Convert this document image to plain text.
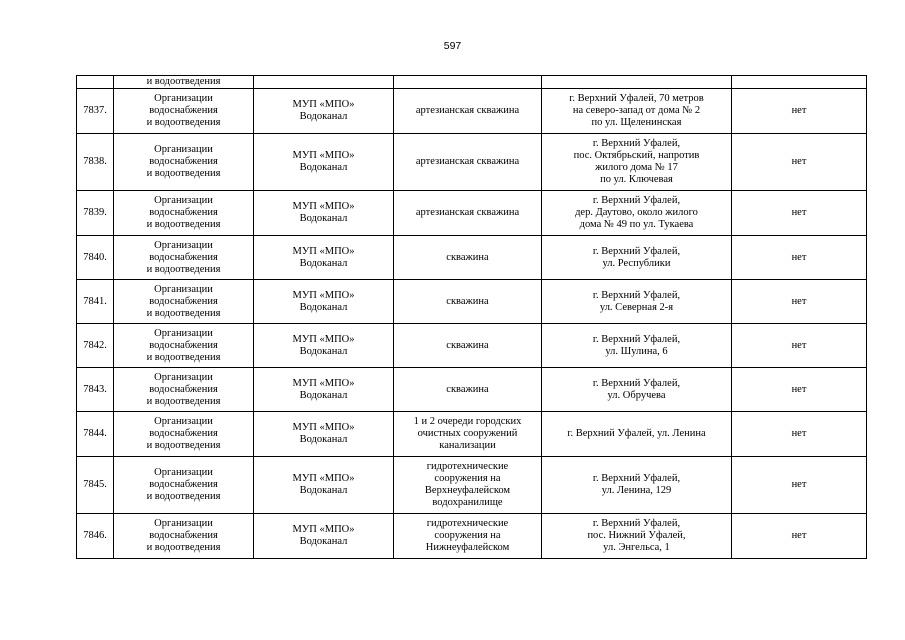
597

	и водоотведения				

7837.	Организации
водоснабжения
и водоотведения	МУП «МПО»
Водоканал	артезианская скважина	г. Верхний Уфалей, 70 метров
на северо-запад от дома № 2
по ул. Щеленинская	нет
7838.	Организации
водоснабжения
и водоотведения	МУП «МПО»
Водоканал	артезианская скважина	г. Верхний Уфалей,
пос. Октябрьский, напротив
жилого дома № 17
по ул. Ключевая	нет
7839.	Организации
водоснабжения
и водоотведения	МУП «МПО»
Водоканал	артезианская скважина	г. Верхний Уфалей,
дер. Даутово, около жилого
дома № 49 по ул. Тукаева	нет
7840.	Организации
водоснабжения
и водоотведения	МУП «МПО»
Водоканал	скважина	г. Верхний Уфалей,
ул. Республики	нет
7841.	Организации
водоснабжения
и водоотведения	МУП «МПО»
Водоканал	скважина	г. Верхний Уфалей,
ул. Северная 2-я	нет
7842.	Организации
водоснабжения
и водоотведения	МУП «МПО»
Водоканал	скважина	г. Верхний Уфалей,
ул. Шулина, 6	нет
7843.	Организации
водоснабжения
и водоотведения	МУП «МПО»
Водоканал	скважина	г. Верхний Уфалей,
ул. Обручева	нет
7844.	Организации
водоснабжения
и водоотведения	МУП «МПО»
Водоканал	1 и 2 очереди городских
очистных сооружений
канализации	г. Верхний Уфалей, ул. Ленина	нет
7845.	Организации
водоснабжения
и водоотведения	МУП «МПО»
Водоканал	гидротехнические
сооружения на
Верхнеуфалейском
водохранилище	г. Верхний Уфалей,
ул. Ленина, 129	нет
7846.	Организации
водоснабжения
и водоотведения	МУП «МПО»
Водоканал	гидротехнические
сооружения на
Нижнеуфалейском	г. Верхний Уфалей,
пос. Нижний Уфалей,
ул. Энгельса, 1	нет
